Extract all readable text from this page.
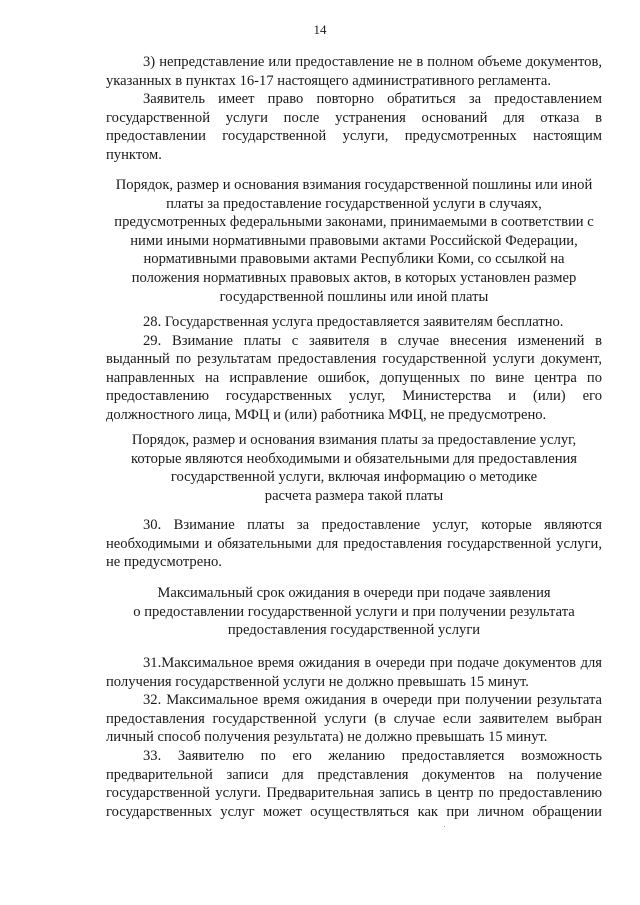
14

3) непредставление или предоставление не в полном объеме документов, указанных в пунктах 16-17 настоящего административного регламента.

Заявитель имеет право повторно обратиться за предоставлением государственной услуги после устранения оснований для отказа в предоставлении государственной услуги, предусмотренных настоящим пунктом.

Порядок, размер и основания взимания государственной пошлины или иной
платы за предоставление государственной услуги в случаях,
предусмотренных федеральными законами, принимаемыми в соответствии с
ними иными нормативными правовыми актами Российской Федерации,
нормативными правовыми актами Республики Коми, со ссылкой на
положения нормативных правовых актов, в которых установлен размер
государственной пошлины или иной платы

28. Государственная услуга предоставляется заявителям бесплатно.

29. Взимание платы с заявителя в случае внесения изменений в выданный по результатам предоставления государственной услуги документ, направленных на исправление ошибок, допущенных по вине центра по предоставлению государственных услуг, Министерства и (или) его должностного лица, МФЦ и (или) работника МФЦ, не предусмотрено.

Порядок, размер и основания взимания платы за предоставление услуг,
которые являются необходимыми и обязательными для предоставления
государственной услуги, включая информацию о методике
расчета размера такой платы

30. Взимание платы за предоставление услуг, которые являются необходимыми и обязательными для предоставления государственной услуги, не предусмотрено.

Максимальный срок ожидания в очереди при подаче заявления
о предоставлении государственной услуги и при получении результата
предоставления государственной услуги

31.Максимальное время ожидания в очереди при подаче документов для получения государственной услуги не должно превышать 15 минут.

32. Максимальное время ожидания в очереди при получении результата предоставления государственной услуги (в случае если заявителем выбран личный способ получения результата) не должно превышать 15 минут.

33. Заявителю по его желанию предоставляется возможность предварительной записи для представления документов на получение государственной услуги. Предварительная запись в центр по предоставлению государственных услуг может осуществляться как при личном обращении
